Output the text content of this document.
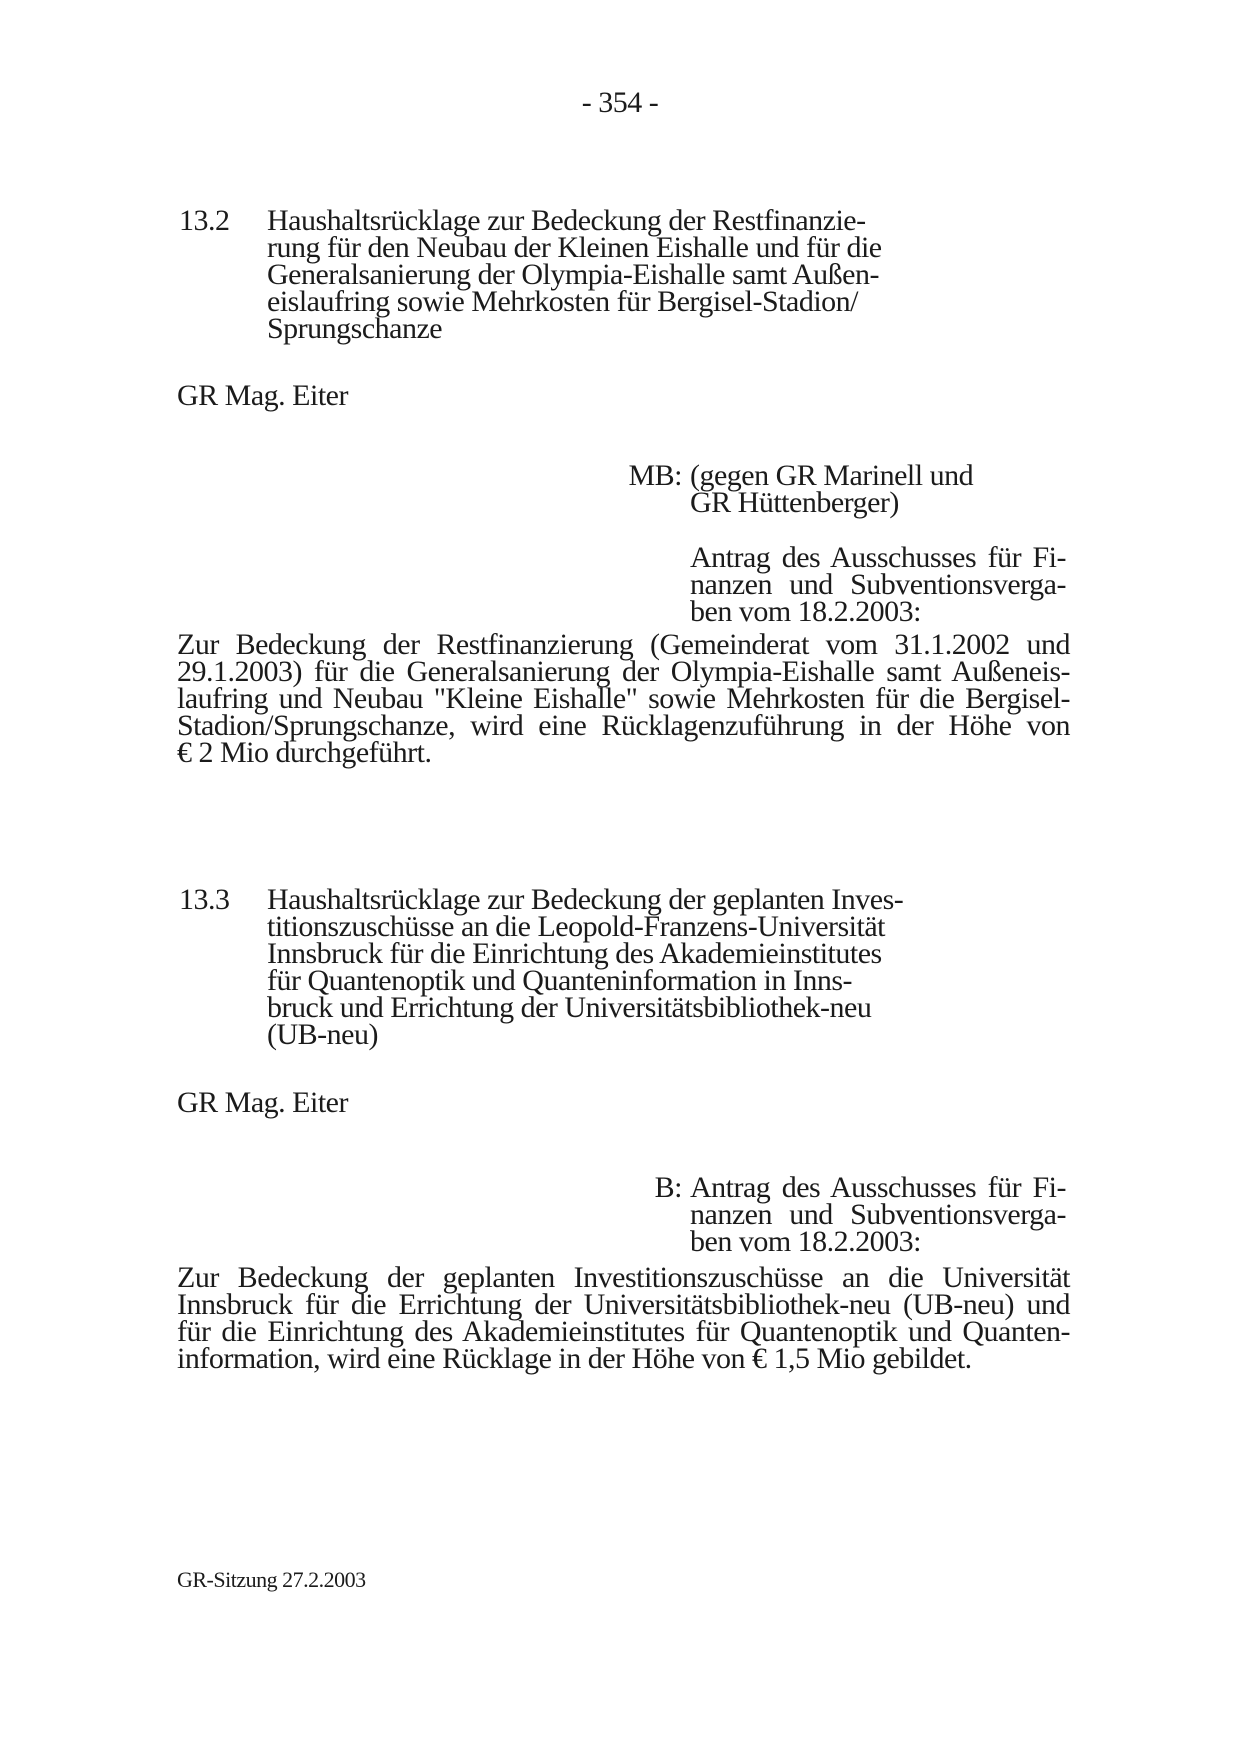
- 354 -
13.2 Haushaltsrücklage zur Bedeckung der Restfinanzie-
rung für den Neubau der Kleinen Eishalle und für die
Generalsanierung der Olympia-Eishalle samt Außen-
eislaufring sowie Mehrkosten für Bergisel-Stadion/
Sprungschanze
GR Mag. Eiter
MB: (gegen GR Marinell und
GR Hüttenberger)
Antrag des Ausschusses für Fi-
nanzen und Subventionsverga-
ben vom 18.2.2003:
Zur Bedeckung der Restfinanzierung (Gemeinderat vom 31.1.2002 und
29.1.2003) für die Generalsanierung der Olympia-Eishalle samt Außeneis-
laufring und Neubau "Kleine Eishalle" sowie Mehrkosten für die Bergisel-
Stadion/Sprungschanze, wird eine Rücklagenzuführung in der Höhe von
€ 2 Mio durchgeführt.
13.3 Haushaltsrücklage zur Bedeckung der geplanten Inves-
titionszuschüsse an die Leopold-Franzens-Universität
Innsbruck für die Einrichtung des Akademieinstitutes
für Quantenoptik und Quanteninformation in Inns-
bruck und Errichtung der Universitätsbibliothek-neu
(UB-neu)
GR Mag. Eiter
B: Antrag des Ausschusses für Fi-
nanzen und Subventionsverga-
ben vom 18.2.2003:
Zur Bedeckung der geplanten Investitionszuschüsse an die Universität
Innsbruck für die Errichtung der Universitätsbibliothek-neu (UB-neu) und
für die Einrichtung des Akademieinstitutes für Quantenoptik und Quanten-
information, wird eine Rücklage in der Höhe von € 1,5 Mio gebildet.
GR-Sitzung 27.2.2003
